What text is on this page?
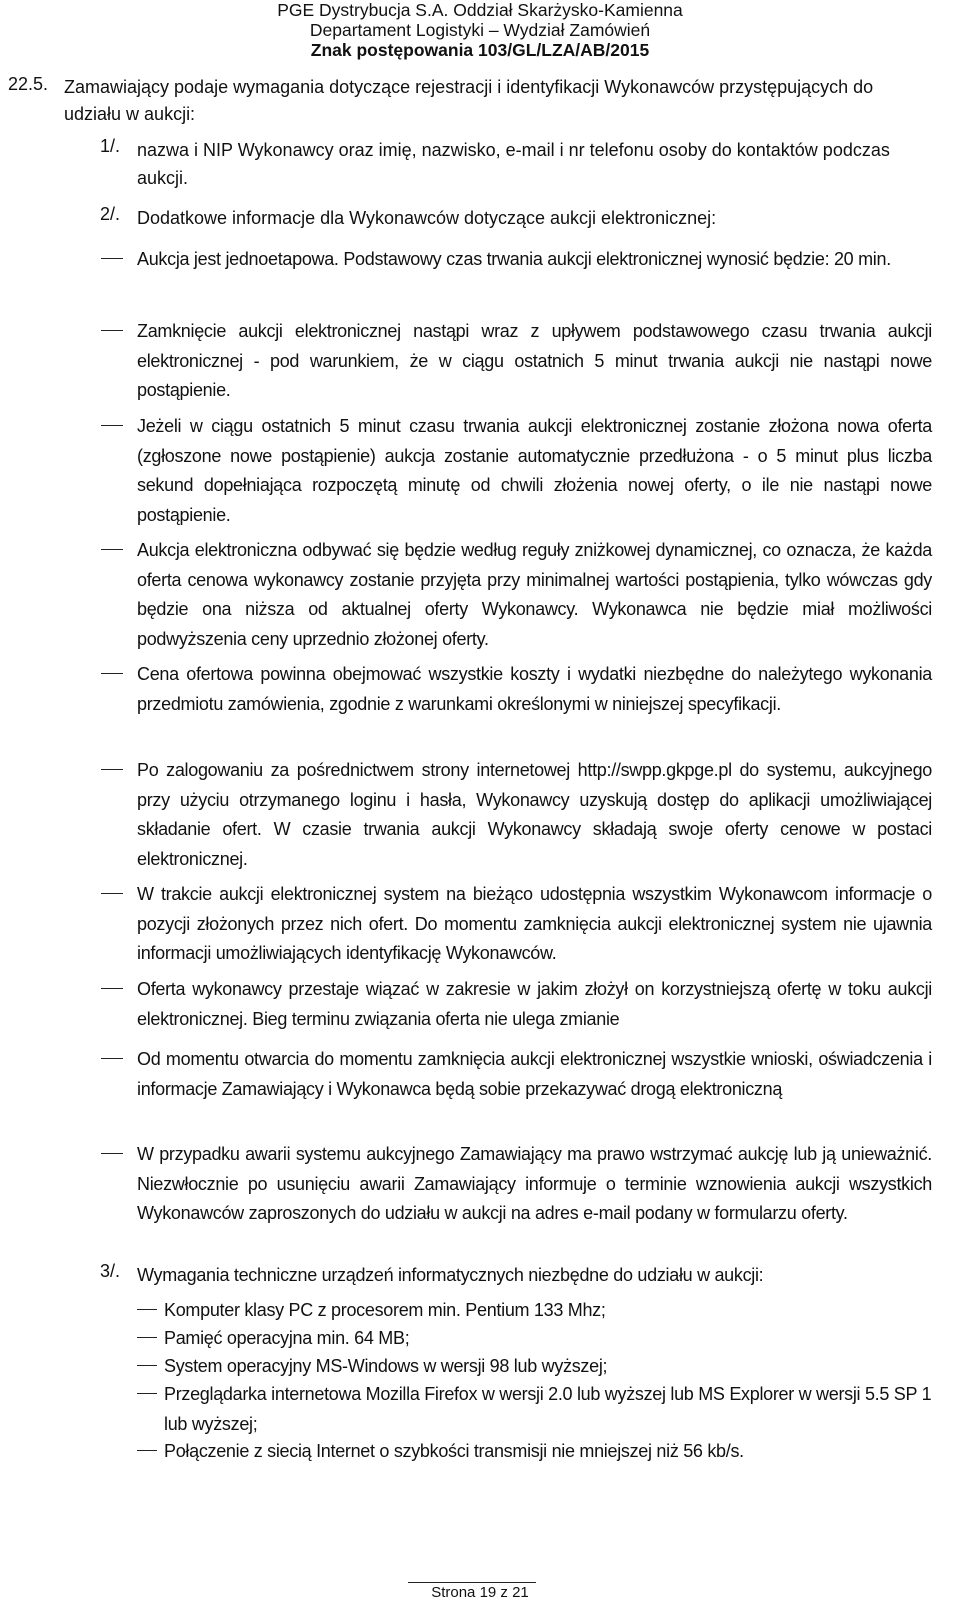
PGE Dystrybucja S.A. Oddział Skarżysko-Kamienna
Departament Logistyki – Wydział Zamówień
Znak postępowania 103/GL/LZA/AB/2015
22.5. Zamawiający podaje wymagania dotyczące rejestracji i identyfikacji Wykonawców przystępujących do udziału w aukcji:
1/. nazwa i NIP Wykonawcy oraz imię, nazwisko, e-mail i nr telefonu osoby do kontaktów podczas aukcji.
2/. Dodatkowe informacje dla Wykonawców dotyczące aukcji elektronicznej:
Aukcja jest jednoetapowa. Podstawowy czas trwania aukcji elektronicznej wynosić będzie: 20 min.
Zamknięcie aukcji elektronicznej nastąpi wraz z upływem podstawowego czasu trwania aukcji elektronicznej - pod warunkiem, że w ciągu ostatnich 5 minut trwania aukcji nie nastąpi nowe postąpienie.
Jeżeli w ciągu ostatnich 5 minut czasu trwania aukcji elektronicznej zostanie złożona nowa oferta (zgłoszone nowe postąpienie) aukcja zostanie automatycznie przedłużona - o 5 minut plus liczba sekund dopełniająca rozpoczętą minutę od chwili złożenia nowej oferty, o ile nie nastąpi nowe postąpienie.
Aukcja elektroniczna odbywać się będzie według reguły zniżkowej dynamicznej, co oznacza, że każda oferta cenowa wykonawcy zostanie przyjęta przy minimalnej wartości postąpienia, tylko wówczas gdy będzie ona niższa od aktualnej oferty Wykonawcy. Wykonawca nie będzie miał możliwości podwyższenia ceny uprzednio złożonej oferty.
Cena ofertowa powinna obejmować wszystkie koszty i wydatki niezbędne do należytego wykonania przedmiotu zamówienia, zgodnie z warunkami określonymi w niniejszej specyfikacji.
Po zalogowaniu za pośrednictwem strony internetowej http://swpp.gkpge.pl do systemu, aukcyjnego przy użyciu otrzymanego loginu i hasła, Wykonawcy uzyskują dostęp do aplikacji umożliwiającej składanie ofert. W czasie trwania aukcji Wykonawcy składają swoje oferty cenowe w postaci elektronicznej.
W trakcie aukcji elektronicznej system na bieżąco udostępnia wszystkim Wykonawcom informacje o pozycji złożonych przez nich ofert. Do momentu zamknięcia aukcji elektronicznej system nie ujawnia informacji umożliwiających identyfikację Wykonawców.
Oferta wykonawcy przestaje wiązać w zakresie w jakim złożył on korzystniejszą ofertę w toku aukcji elektronicznej. Bieg terminu związania oferta nie ulega zmianie
Od momentu otwarcia do momentu zamknięcia aukcji elektronicznej wszystkie wnioski, oświadczenia i informacje Zamawiający i Wykonawca będą sobie przekazywać drogą elektroniczną
W przypadku awarii systemu aukcyjnego Zamawiający ma prawo wstrzymać aukcję lub ją unieważnić. Niezwłocznie po usunięciu awarii Zamawiający informuje o terminie wznowienia aukcji wszystkich Wykonawców zaproszonych do udziału w aukcji na adres e-mail podany w formularzu oferty.
3/. Wymagania techniczne urządzeń informatycznych niezbędne do udziału w aukcji:
Komputer klasy PC z procesorem min. Pentium 133 Mhz;
Pamięć operacyjna min. 64 MB;
System operacyjny MS-Windows w wersji 98 lub wyższej;
Przeglądarka internetowa Mozilla Firefox w wersji 2.0 lub wyższej lub MS Explorer w wersji 5.5 SP 1 lub wyższej;
Połączenie z siecią Internet o szybkości transmisji nie mniejszej niż 56 kb/s.
Strona 19 z 21
